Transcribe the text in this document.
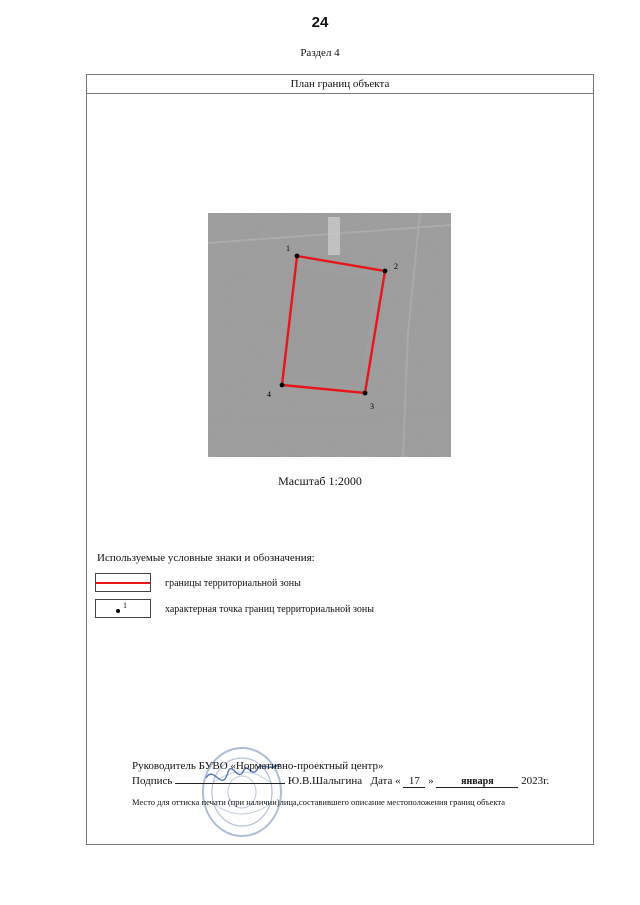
24
Раздел 4
План границ объекта
1
2
3
4
Масштаб 1:2000
Используемые условные знаки и обозначения:
границы территориальной зоны
1	характерная точка границ территориальной зоны
Руководитель БУВО «Нормативно-проектный центр»
Подпись	Ю.В.Шалыгина Дата « 17 »	января 2023г.
Место для оттиска печати (при наличии)лица,составившего описание местоположения границ объекта
